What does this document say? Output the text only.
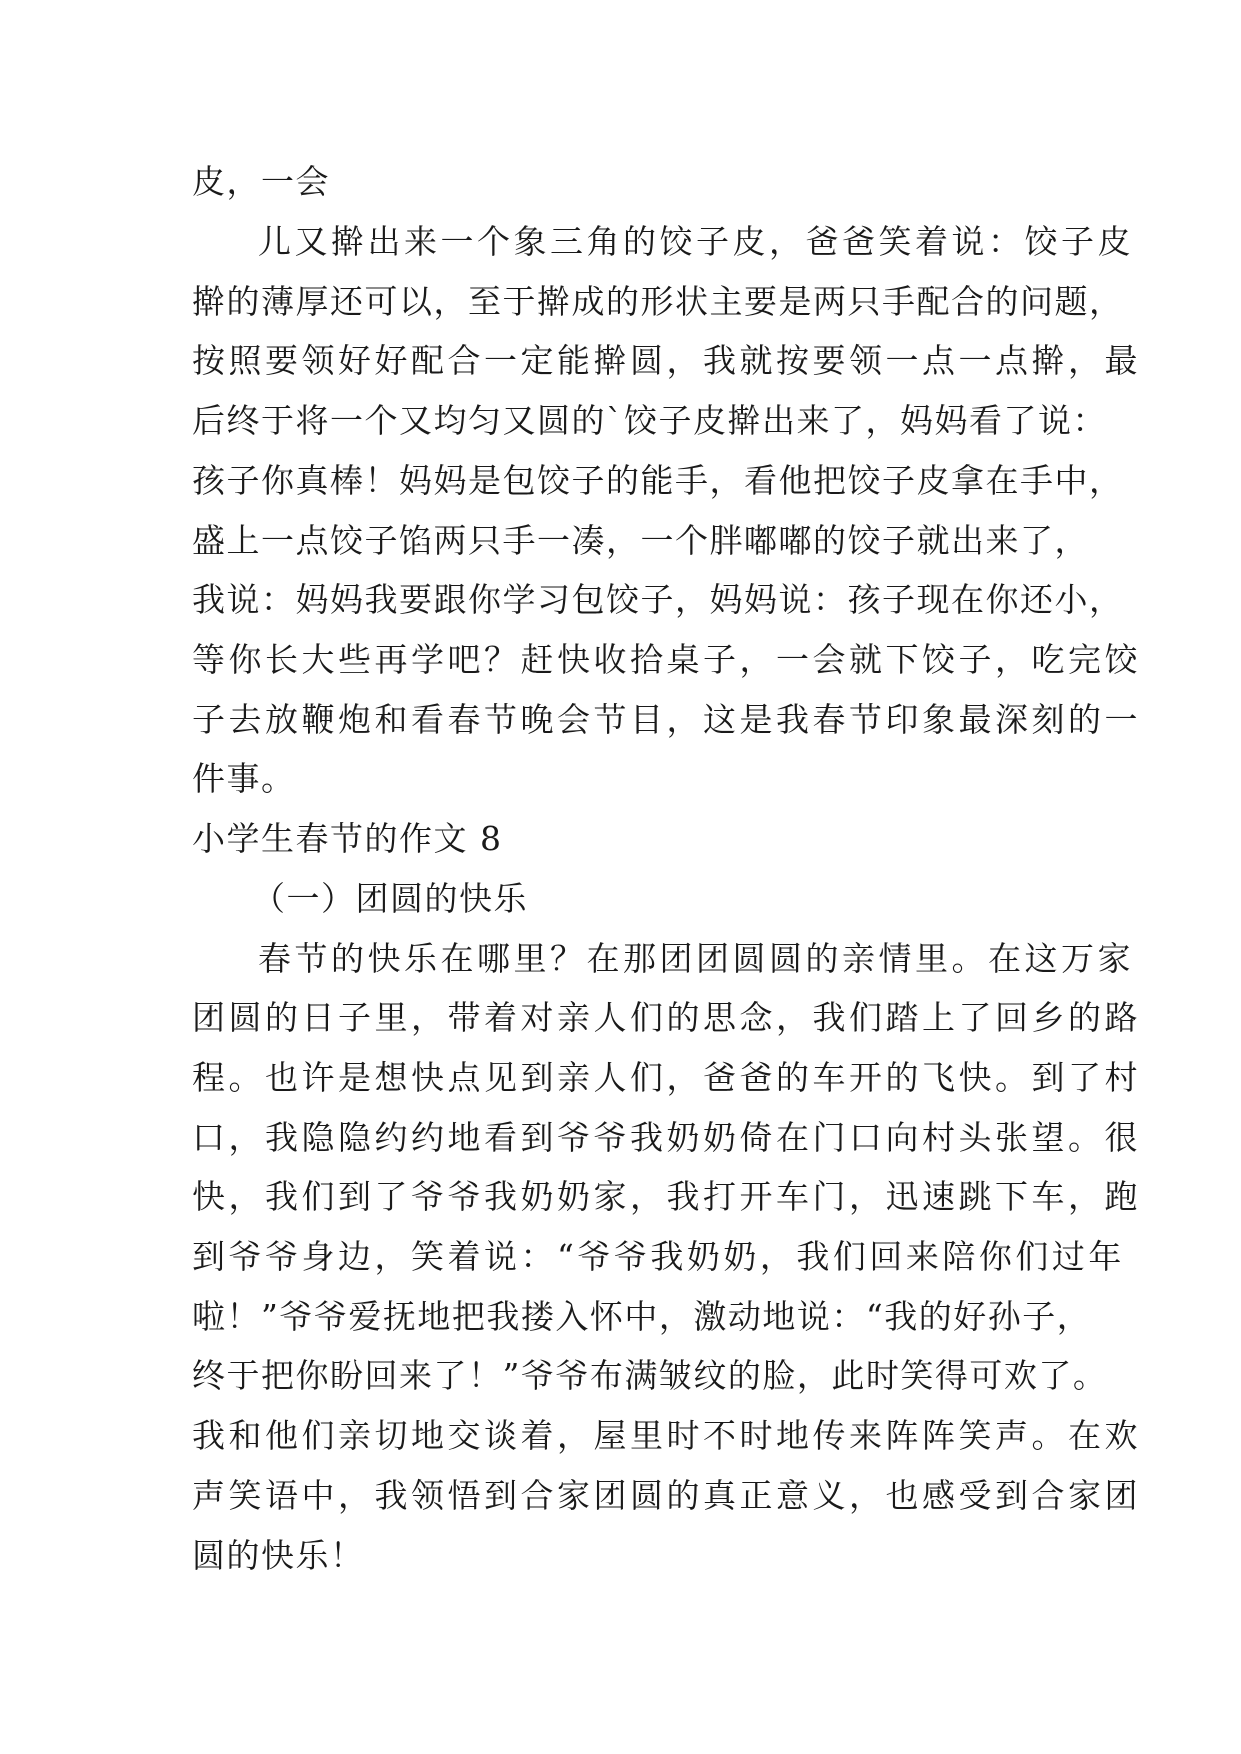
皮，一会

儿又擀出来一个象三角的饺子皮，爸爸笑着说：饺子皮

擀的薄厚还可以，至于擀成的形状主要是两只手配合的问题，

按照要领好好配合一定能擀圆，我就按要领一点一点擀，最

后终于将一个又均匀又圆的`饺子皮擀出来了，妈妈看了说：

孩子你真棒！妈妈是包饺子的能手，看他把饺子皮拿在手中，

盛上一点饺子馅两只手一凑，一个胖嘟嘟的饺子就出来了，

我说：妈妈我要跟你学习包饺子，妈妈说：孩子现在你还小，

等你长大些再学吧？赶快收拾桌子，一会就下饺子，吃完饺

子去放鞭炮和看春节晚会节目，这是我春节印象最深刻的一

件事。

小学生春节的作文 8

（一）团圆的快乐

春节的快乐在哪里？在那团团圆圆的亲情里。在这万家

团圆的日子里，带着对亲人们的思念，我们踏上了回乡的路

程。也许是想快点见到亲人们，爸爸的车开的飞快。到了村

口，我隐隐约约地看到爷爷我奶奶倚在门口向村头张望。很

快，我们到了爷爷我奶奶家，我打开车门，迅速跳下车，跑

到爷爷身边，笑着说：“爷爷我奶奶，我们回来陪你们过年

啦！”爷爷爱抚地把我搂入怀中，激动地说：“我的好孙子，

终于把你盼回来了！”爷爷布满皱纹的脸，此时笑得可欢了。

我和他们亲切地交谈着，屋里时不时地传来阵阵笑声。在欢

声笑语中，我领悟到合家团圆的真正意义，也感受到合家团

圆的快乐！
